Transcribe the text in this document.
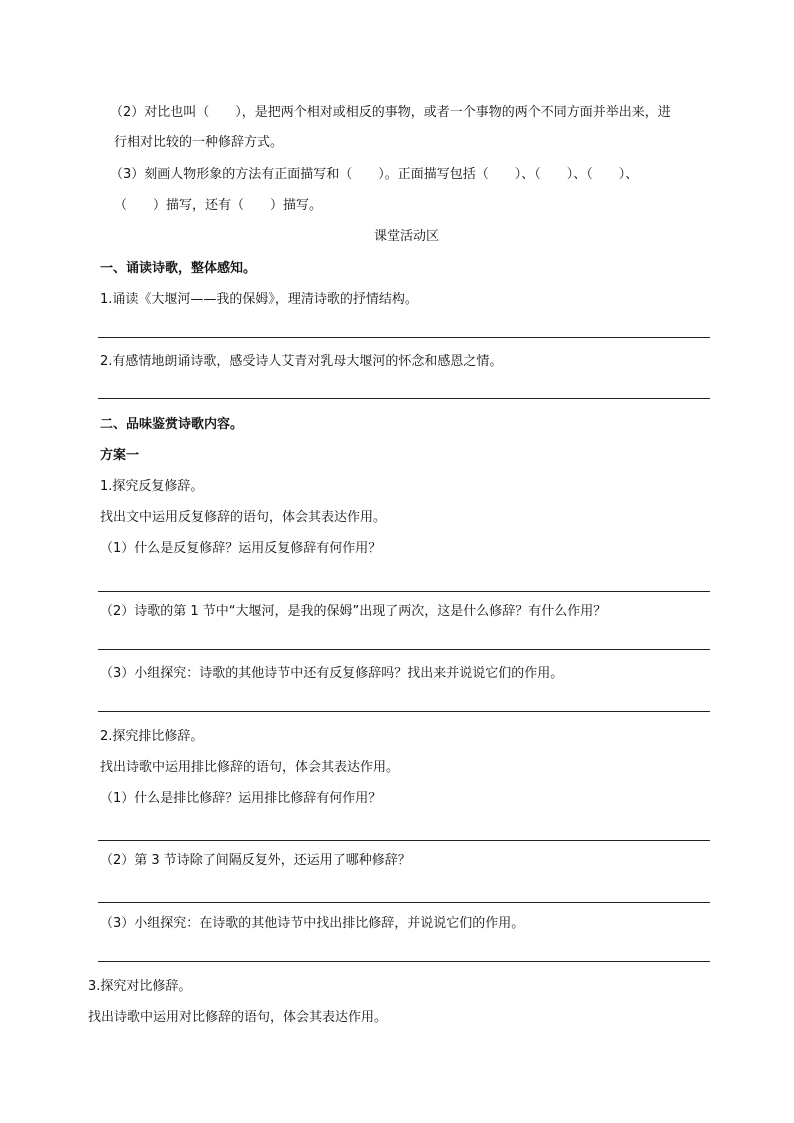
（2）对比也叫（　　），是把两个相对或相反的事物，或者一个事物的两个不同方面并举出来，进
行相对比较的一种修辞方式。
（3）刻画人物形象的方法有正面描写和（　　）。正面描写包括（　　）、（　　）、（　　）、
（　　）描写，还有（　　）描写。
课堂活动区
一、诵读诗歌，整体感知。
1.诵读《大堰河——我的保姆》，理清诗歌的抒情结构。
2.有感情地朗诵诗歌，感受诗人艾青对乳母大堰河的怀念和感恩之情。
二、品味鉴赏诗歌内容。
方案一
1.探究反复修辞。
找出文中运用反复修辞的语句，体会其表达作用。
（1）什么是反复修辞？运用反复修辞有何作用？
（2）诗歌的第 1 节中“大堰河，是我的保姆”出现了两次，这是什么修辞？有什么作用？
（3）小组探究：诗歌的其他诗节中还有反复修辞吗？找出来并说说它们的作用。
2.探究排比修辞。
找出诗歌中运用排比修辞的语句，体会其表达作用。
（1）什么是排比修辞？运用排比修辞有何作用？
（2）第 3 节诗除了间隔反复外，还运用了哪种修辞？
（3）小组探究：在诗歌的其他诗节中找出排比修辞，并说说它们的作用。
3.探究对比修辞。
找出诗歌中运用对比修辞的语句，体会其表达作用。
